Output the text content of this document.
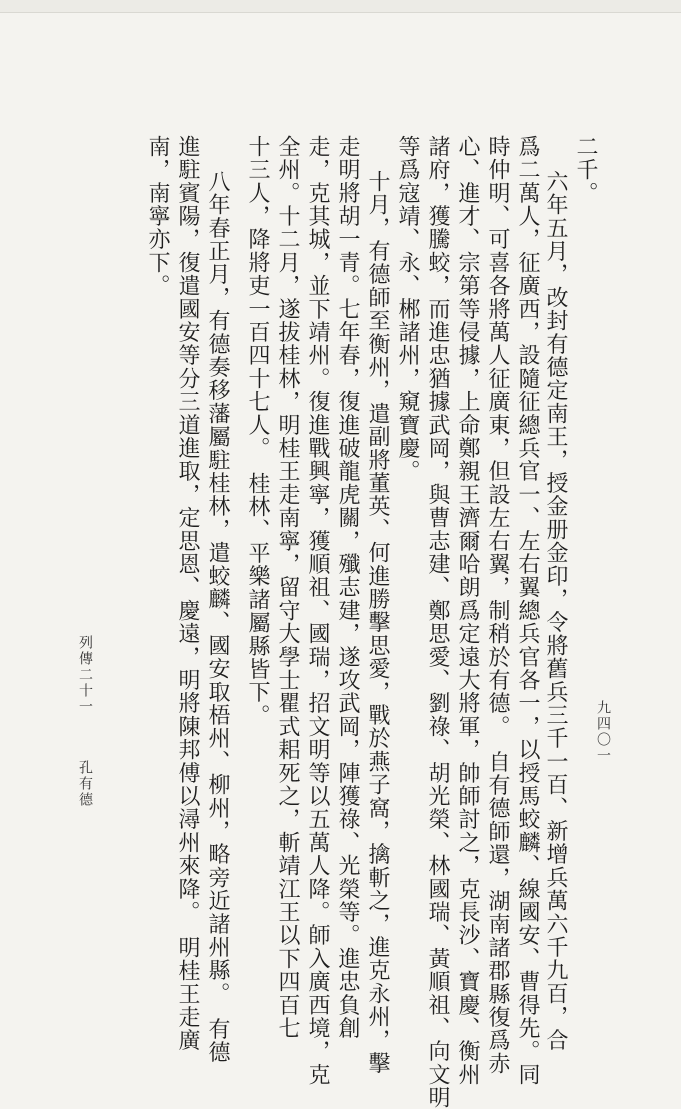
二千。
六年五月，改封有德定南王，授金册金印，令將舊兵三千一百、新增兵萬六千九百，合
爲二萬人，征廣西，設隨征總兵官一、左右翼總兵官各一，以授馬蛟麟、線國安、曹得先。同
時仲明、可喜各將萬人征廣東，但設左右翼，制稍於有德。　自有德師還，湖南諸郡縣復爲赤
心、進才、宗第等侵據，上命鄭親王濟爾哈朗爲定遠大將軍，帥師討之，克長沙、寶慶、衡州
諸府，獲騰蛟，而進忠猶據武岡，與曹志建、鄭思愛、劉祿、胡光榮、林國瑞、黃順祖、向文明
等爲寇靖、永、郴諸州，窺寶慶。
十月，有德師至衡州，遣副將董英、何進勝擊思愛，戰於燕子窩，擒斬之，進克永州，擊
走明將胡一青。七年春，復進破龍虎關，殲志建，遂攻武岡，陣獲祿、光榮等。進忠負創
走，克其城，並下靖州。復進戰興寧，獲順祖、國瑞，招文明等以五萬人降。師入廣西境，克
全州。十二月，遂拔桂林，明桂王走南寧，留守大學士瞿式耜死之，斬靖江王以下四百七
十三人，降將吏一百四十七人。　桂林、平樂諸屬縣皆下。
八年春正月，有德奏移藩屬駐桂林，遣蛟麟、國安取梧州、柳州，略旁近諸州縣。　有德
進駐賓陽，復遣國安等分三道進取，定思恩、慶遠，明將陳邦傅以潯州來降。　明桂王走廣
南，南寧亦下。
列傳二十一
孔有德
九四〇一
